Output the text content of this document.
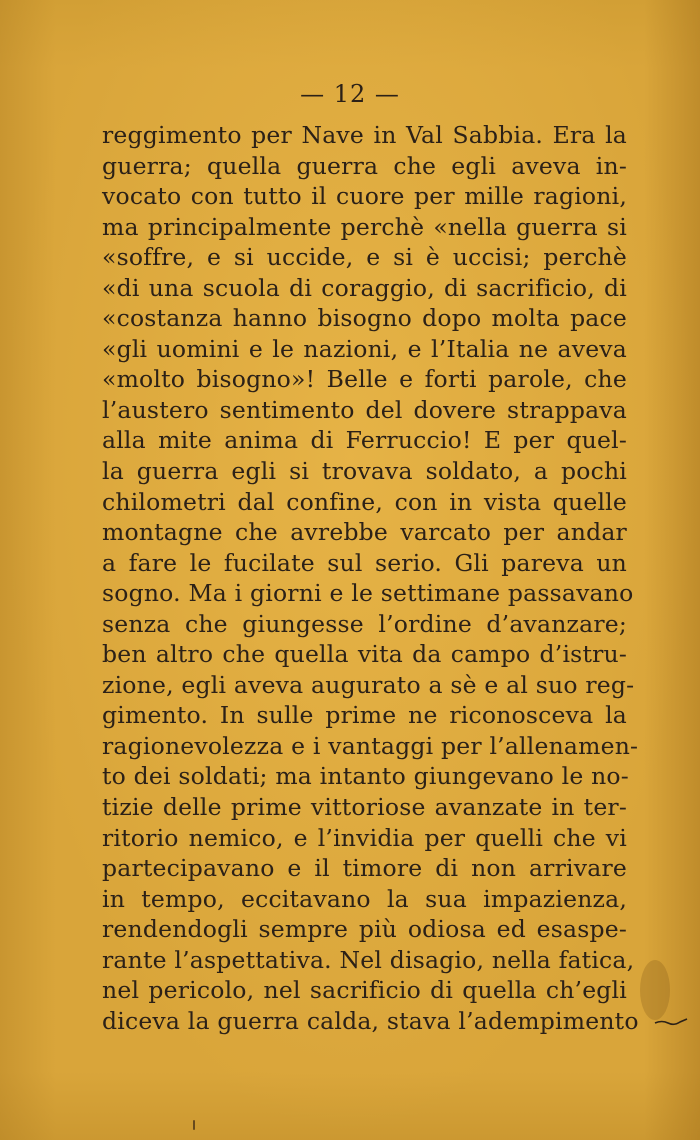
— 12 —
reggimento per Nave in Val Sabbia. Era la
guerra; quella guerra che egli aveva in-
vocato con tutto il cuore per mille ragioni,
ma principalmente perchè «nella guerra si
«soffre, e si uccide, e si è uccisi; perchè
«di una scuola di coraggio, di sacrificio, di
«costanza hanno bisogno dopo molta pace
«gli uomini e le nazioni, e l’Italia ne aveva
«molto bisogno»! Belle e forti parole, che
l’austero sentimento del dovere strappava
alla mite anima di Ferruccio! E per quel-
la guerra egli si trovava soldato, a pochi
chilometri dal confine, con in vista quelle
montagne che avrebbe varcato per andar
a fare le fucilate sul serio. Gli pareva un
sogno. Ma i giorni e le settimane passavano
senza che giungesse l’ordine d’avanzare;
ben altro che quella vita da campo d’istru-
zione, egli aveva augurato a sè e al suo reg-
gimento. In sulle prime ne riconosceva la
ragionevolezza e i vantaggi per l’allenamen-
to dei soldati; ma intanto giungevano le no-
tizie delle prime vittoriose avanzate in ter-
ritorio nemico, e l’invidia per quelli che vi
partecipavano e il timore di non arrivare
in tempo, eccitavano la sua impazienza,
rendendogli sempre più odiosa ed esaspe-
rante l’aspettativa. Nel disagio, nella fatica,
nel pericolo, nel sacrificio di quella ch’egli
diceva la guerra calda, stava l’adempimento
